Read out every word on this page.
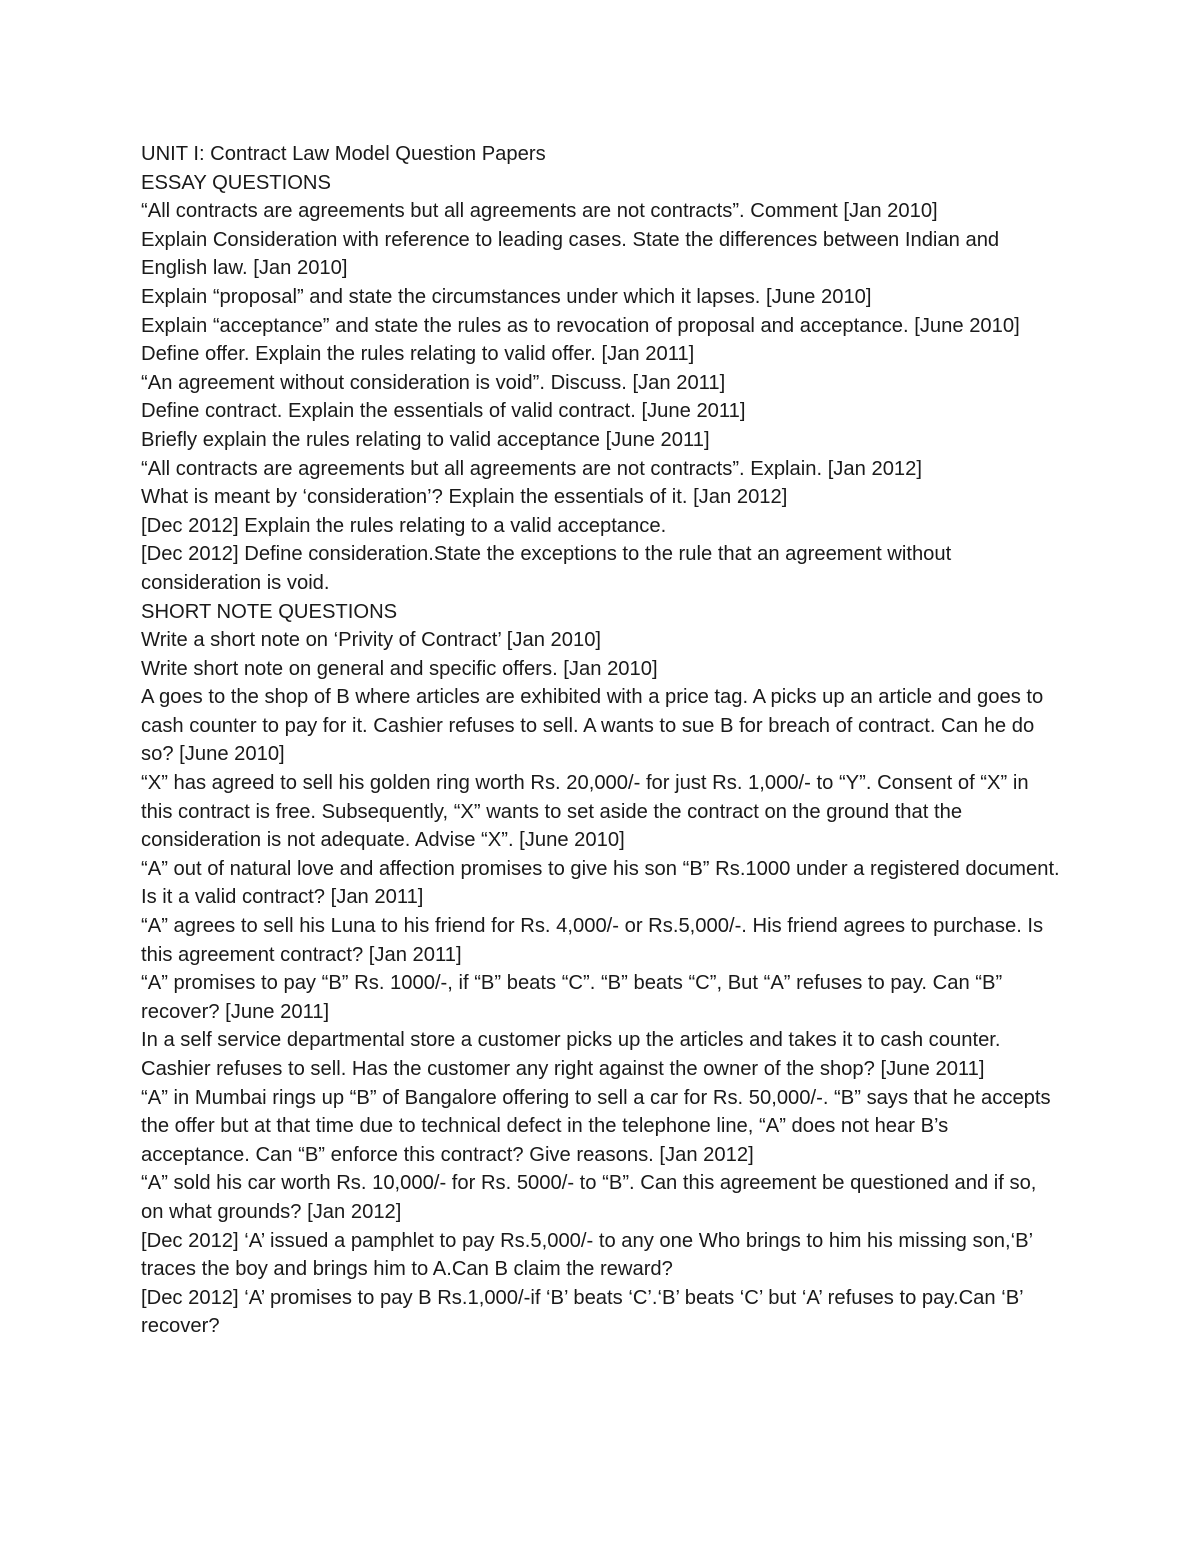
UNIT I: Contract Law Model Question Papers

ESSAY QUESTIONS

“All contracts are agreements but all agreements are not contracts”. Comment [Jan 2010]

Explain Consideration with reference to leading cases. State the differences between Indian and English law. [Jan 2010]

Explain “proposal” and state the circumstances under which it lapses. [June 2010]

Explain “acceptance” and state the rules as to revocation of proposal and acceptance. [June 2010]

Define offer. Explain the rules relating to valid offer. [Jan 2011]

“An agreement without consideration is void”. Discuss. [Jan 2011]

Define contract. Explain the essentials of valid contract. [June 2011]

Briefly explain the rules relating to valid acceptance [June 2011]

“All contracts are agreements but all agreements are not contracts”. Explain. [Jan 2012]

What is meant by ‘consideration’? Explain the essentials of it. [Jan 2012]

[Dec 2012] Explain the rules relating to a valid acceptance.

[Dec 2012] Define consideration.State the exceptions to the rule that an agreement without consideration is void.

SHORT NOTE QUESTIONS

Write a short note on ‘Privity of Contract’ [Jan 2010]

Write short note on general and specific offers. [Jan 2010]

A goes to the shop of B where articles are exhibited with a price tag. A picks up an article and goes to cash counter to pay for it. Cashier refuses to sell. A wants to sue B for breach of contract. Can he do so? [June 2010]

“X” has agreed to sell his golden ring worth Rs. 20,000/- for just Rs. 1,000/- to “Y”. Consent of “X” in this contract is free. Subsequently, “X” wants to set aside the contract on the ground that the consideration is not adequate. Advise “X”. [June 2010]

“A” out of natural love and affection promises to give his son “B” Rs.1000 under a registered document. Is it a valid contract? [Jan 2011]

“A” agrees to sell his Luna to his friend for Rs. 4,000/- or Rs.5,000/-. His friend agrees to purchase. Is this agreement contract? [Jan 2011]

“A” promises to pay “B” Rs. 1000/-, if “B” beats “C”. “B” beats “C”, But “A” refuses to pay. Can “B” recover? [June 2011]

In a self service departmental store a customer picks up the articles and takes it to cash counter. Cashier refuses to sell. Has the customer any right against the owner of the shop? [June 2011]

“A” in Mumbai rings up “B” of Bangalore offering to sell a car for Rs. 50,000/-. “B” says that he accepts the offer but at that time due to technical defect in the telephone line, “A” does not hear B’s acceptance. Can “B” enforce this contract? Give reasons. [Jan 2012]

“A” sold his car worth Rs. 10,000/- for Rs. 5000/- to “B”. Can this agreement be questioned and if so, on what grounds? [Jan 2012]

[Dec 2012] ‘A’ issued a pamphlet to pay Rs.5,000/- to any one Who brings to him his missing son,‘B’ traces the boy and brings him to A.Can B claim the reward?

[Dec 2012] ‘A’ promises to pay B Rs.1,000/-if ‘B’ beats ‘C’.‘B’ beats ‘C’ but ‘A’ refuses to pay.Can ‘B’ recover?
